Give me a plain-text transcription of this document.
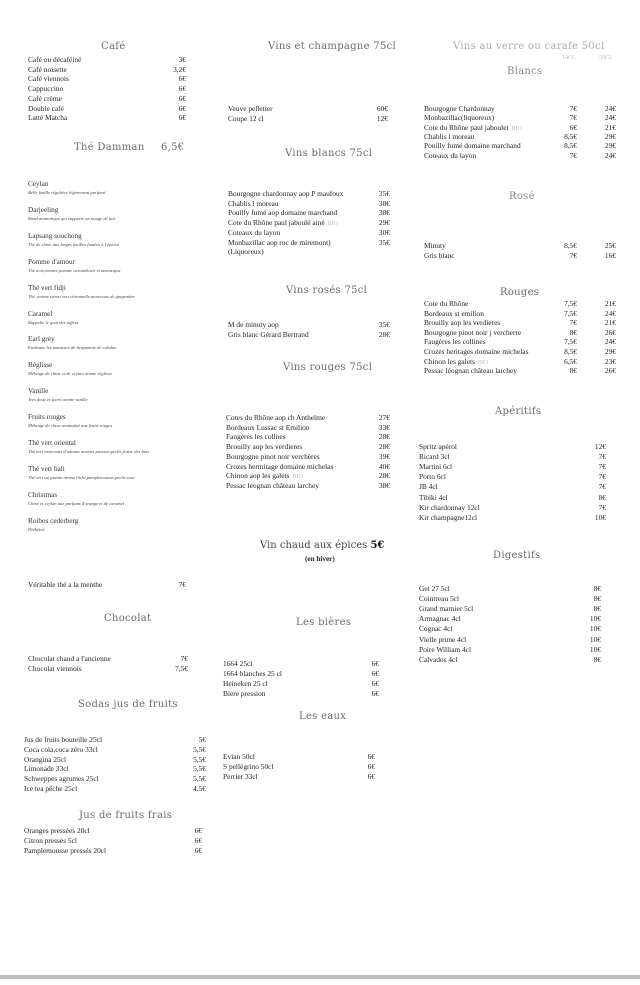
Café
Café ou décaféiné	3€
Café noisette	3,2€
Café viennois	6€
Cappuccino	6€
Café crème	6€
Double café	6€
Latté Matcha	6€
Thé Damman 6,5€
Ceylan
Belle feuille régulière légèrement parfumé
Darjeeling
Rond aromatique qui supporte un nuage de lait
Lapsang souchong
Thé de chine aux larges feuilles fumées à l'épicea
Pomme d'amour
Thé noir,aromes pomme caramélisée et maracujas
Thé vert fidji
Thé ,arome citron vert citronnelle,morceaux de gingembre
Caramel
Rappelle le gout des toffees
Earl grey
Enchante les amateurs de bergamote de calabre
Réglisse
Mélange de chine et de ceylan arome réglisse
Vanille
Tres doux et sucré arome vanille
Fruits rouges
Mélange de chine aromatisé aux fruits rouges
Thé vert oriental
Thé vert morceaux d'ananas aromes passion,peche,fraise des bois
Thé vert bali
Thé vert au jasmin arome litchi,pamplemousse,peche,rose
Christmas
Chine et ceylan aux parfums d'orange et de caramel
Roibos cederberg
Déthéiné
Véritable thé a la menthe	7€
Chocolat
Chocolat chaud a l'ancienne	7€
Chocolat viennois	7,5€
Sodas jus de fruits
Jus de fruits bouteille 25cl	5€
Coca cola,coca zéro 33cl	5,5€
Orangina 25cl	5,5€
Limonade 33cl	5,5€
Schweppes agrumes 25cl	5,5€
Ice tea pêche 25cl	4,5€
Jus de fruits frais
Oranges pressées 20cl	6€
Citron pressés 5cl	6€
Pamplemousse pressés 20cl	6€
Vins et champagne 75cl
Veuve pelletier	60€
Coupe 12 cl	12€
Vins blancs 75cl
Bourgogne chardonnay aop P maufoux	35€
Chablis l moreau	38€
Pouilly fumé aop domaine marchand	38€
Cote du Rhône paul jaboulé ainé BIO	29€
Coteaux du layon	30€
Monbazillac aop roc de miremont)	35€
(Liquoreux)
Vins rosés 75cl
M de minuty aop	35€
Gris blanc Gérard Bertrand	28€
Vins rouges 75cl
Cotes du Rhône aop ch Anthelme	27€
Bordeaux Lussac st Emilion	33€
Faugères les collnes	28€
Brouilly aop les verdieres	28€
Bourgogne pinot noir verchères	39€
Crozes hermitage domaine michelas	40€
Chinon aop les galets BIO	28€
Pessac leognan château larchey	38€
Vin chaud aux épices 5€
(en hiver)
Les bières
1664 25cl	6€
1664 blanches 25 cl	6€
Heineken 25 cl	6€
Biere pression	6€
Les eaux
Evian 50cl	6€
S pellégrino 50cl	6€
Perrier 33cl	6€
Vins au verre ou carafe 50cl
14CL	50CL
Blancs
Bourgogne Chardonnay	7€	24€
Monbazillac(liquoreux)	7€	24€
Cote du Rhône paul jaboulet BIO	6€	21€
Chablis l moreau	8,5€	29€
Pouilly fumé domaine marchand	8,5€	29€
Coteaux du layon	7€	24€
Rosé
Minuty	8,5€	25€
Gris blanc	7€	16€
Rouges
Cote du Rhône	7,5€	21€
Bordeaux st emilion	7,5€	24€
Brouilly aop les verdieres	7€	21€
Bourgogne pinot noir j vercherre	8€	26€
Faugères les collines	7,5€	24€
Crozes heritages domaine michelas	8,5€	29€
Chinon les galets BIO	6,5€	23€
Pessac léognan château larchey	8€	26€
Apéritifs
Spritz apérol	12€
Ricard 3cl	7€
Martini 6cl	7€
Porto 6cl	7€
JB 4cl	7€
Tibiki 4cl	8€
Kir chardonnay 12cl	7€
Kir champagne12cl	10€
Digestifs
Get 27 5cl	8€
Cointreau 5cl	8€
Grand marnier 5cl	8€
Armagnac 4cl	10€
Cognac 4cl	10€
Vielle prune 4cl	10€
Poire William 4cl	10€
Calvados 4cl	8€
